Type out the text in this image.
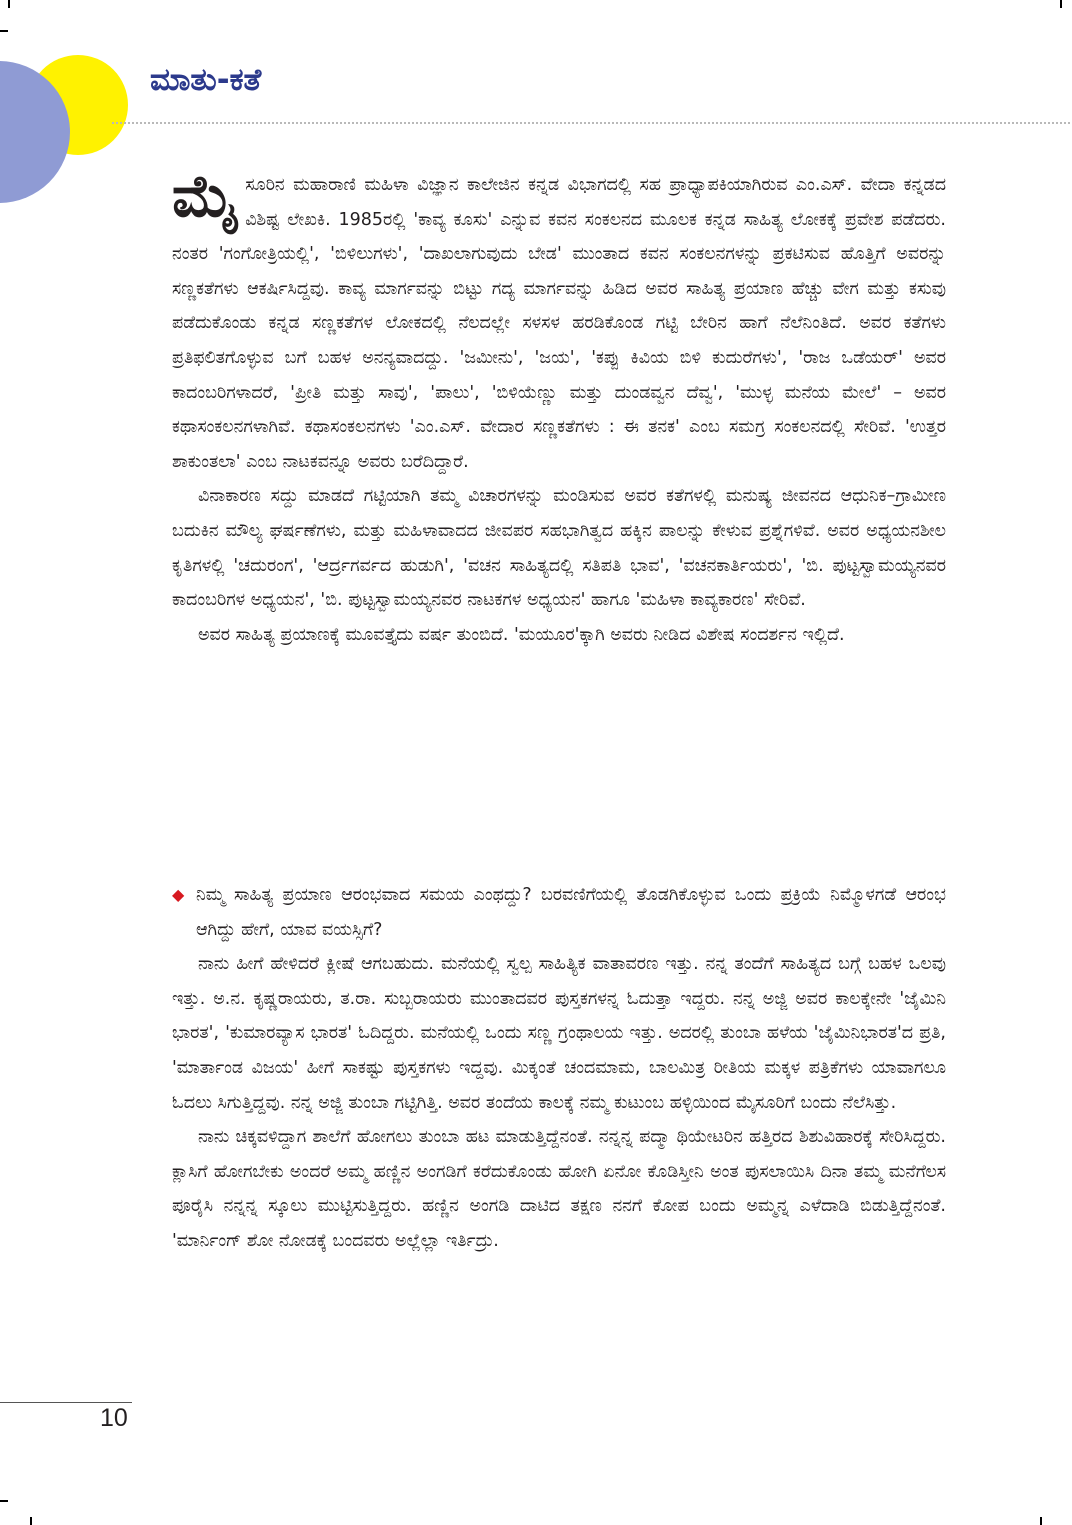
ಮಾತು-ಕತೆ

ಮೈಸೂರಿನ ಮಹಾರಾಣಿ ಮಹಿಳಾ ವಿಜ್ಞಾನ ಕಾಲೇಜಿನ ಕನ್ನಡ ವಿಭಾಗದಲ್ಲಿ ಸಹ ಪ್ರಾಧ್ಯಾಪಕಿಯಾಗಿರುವ ಎಂ.ಎಸ್. ವೇದಾ ಕನ್ನಡದ ವಿಶಿಷ್ಟ ಲೇಖಕಿ. 1985ರಲ್ಲಿ 'ಕಾವ್ಯ ಕೂಸು' ಎನ್ನುವ ಕವನ ಸಂಕಲನದ ಮೂಲಕ ಕನ್ನಡ ಸಾಹಿತ್ಯ ಲೋಕಕ್ಕೆ ಪ್ರವೇಶ ಪಡೆದರು. ನಂತರ 'ಗಂಗೋತ್ರಿಯಲ್ಲಿ', 'ಬಿಳಿಲುಗಳು', 'ದಾಖಲಾಗುವುದು ಬೇಡ' ಮುಂತಾದ ಕವನ ಸಂಕಲನಗಳನ್ನು ಪ್ರಕಟಿಸುವ ಹೊತ್ತಿಗೆ ಅವರನ್ನು ಸಣ್ಣಕತೆಗಳು ಆಕರ್ಷಿಸಿದ್ದವು. ಕಾವ್ಯ ಮಾರ್ಗವನ್ನು ಬಿಟ್ಟು ಗದ್ಯ ಮಾರ್ಗವನ್ನು ಹಿಡಿದ ಅವರ ಸಾಹಿತ್ಯ ಪ್ರಯಾಣ ಹೆಚ್ಚು ವೇಗ ಮತ್ತು ಕಸುವು ಪಡೆದುಕೊಂಡು ಕನ್ನಡ ಸಣ್ಣಕತೆಗಳ ಲೋಕದಲ್ಲಿ ನೆಲದಲ್ಲೇ ಸಳಸಳ ಹರಡಿಕೊಂಡ ಗಟ್ಟಿ ಬೇರಿನ ಹಾಗೆ ನೆಲೆನಿಂತಿದೆ. ಅವರ ಕತೆಗಳು ಪ್ರತಿಫಲಿತಗೊಳ್ಳುವ ಬಗೆ ಬಹಳ ಅನನ್ಯವಾದದ್ದು. 'ಜಮೀನು', 'ಜಯ', 'ಕಪ್ಪು ಕಿವಿಯ ಬಿಳಿ ಕುದುರೆಗಳು', 'ರಾಜ ಒಡೆಯರ್' ಅವರ ಕಾದಂಬರಿಗಳಾದರೆ, 'ಪ್ರೀತಿ ಮತ್ತು ಸಾವು', 'ಪಾಲು', 'ಬಿಳಿಯೆಣ್ಣು ಮತ್ತು ದುಂಡವ್ವನ ದೆವ್ವ', 'ಮುಳ್ಳ ಮನೆಯ ಮೇಲೆ' – ಅವರ ಕಥಾಸಂಕಲನಗಳಾಗಿವೆ. ಕಥಾಸಂಕಲನಗಳು 'ಎಂ.ಎಸ್. ವೇದಾರ ಸಣ್ಣಕತೆಗಳು : ಈ ತನಕ' ಎಂಬ ಸಮಗ್ರ ಸಂಕಲನದಲ್ಲಿ ಸೇರಿವೆ. 'ಉತ್ತರ ಶಾಕುಂತಲಾ' ಎಂಬ ನಾಟಕವನ್ನೂ ಅವರು ಬರೆದಿದ್ದಾರೆ.

ವಿನಾಕಾರಣ ಸದ್ದು ಮಾಡದೆ ಗಟ್ಟಿಯಾಗಿ ತಮ್ಮ ವಿಚಾರಗಳನ್ನು ಮಂಡಿಸುವ ಅವರ ಕತೆಗಳಲ್ಲಿ ಮನುಷ್ಯ ಜೀವನದ ಆಧುನಿಕ–ಗ್ರಾಮೀಣ ಬದುಕಿನ ಮೌಲ್ಯ ಘರ್ಷಣೆಗಳು, ಮತ್ತು ಮಹಿಳಾವಾದದ ಜೀವಪರ ಸಹಭಾಗಿತ್ವದ ಹಕ್ಕಿನ ಪಾಲನ್ನು ಕೇಳುವ ಪ್ರಶ್ನೆಗಳಿವೆ. ಅವರ ಅಧ್ಯಯನಶೀಲ ಕೃತಿಗಳಲ್ಲಿ 'ಚದುರಂಗ', 'ಆರ್ದ್ರಗರ್ವದ ಹುಡುಗಿ', 'ವಚನ ಸಾಹಿತ್ಯದಲ್ಲಿ ಸತಿಪತಿ ಭಾವ', 'ವಚನಕಾರ್ತಿಯರು', 'ಬಿ. ಪುಟ್ಟಸ್ವಾಮಯ್ಯನವರ ಕಾದಂಬರಿಗಳ ಅಧ್ಯಯನ', 'ಬಿ. ಪುಟ್ಟಸ್ವಾಮಯ್ಯನವರ ನಾಟಕಗಳ ಅಧ್ಯಯನ' ಹಾಗೂ 'ಮಹಿಳಾ ಕಾವ್ಯಕಾರಣ' ಸೇರಿವೆ.

ಅವರ ಸಾಹಿತ್ಯ ಪ್ರಯಾಣಕ್ಕೆ ಮೂವತ್ತೈದು ವರ್ಷ ತುಂಬಿದೆ. 'ಮಯೂರ'ಕ್ಕಾಗಿ ಅವರು ನೀಡಿದ ವಿಶೇಷ ಸಂದರ್ಶನ ಇಲ್ಲಿದೆ.

◆ ನಿಮ್ಮ ಸಾಹಿತ್ಯ ಪ್ರಯಾಣ ಆರಂಭವಾದ ಸಮಯ ಎಂಥದ್ದು? ಬರವಣಿಗೆಯಲ್ಲಿ ತೊಡಗಿಕೊಳ್ಳುವ ಒಂದು ಪ್ರಕ್ರಿಯೆ ನಿಮ್ಮೊಳಗಡೆ ಆರಂಭ ಆಗಿದ್ದು ಹೇಗೆ, ಯಾವ ವಯಸ್ಸಿಗೆ?

ನಾನು ಹೀಗೆ ಹೇಳಿದರೆ ಕ್ಲೀಷೆ ಆಗಬಹುದು. ಮನೆಯಲ್ಲಿ ಸ್ವಲ್ಪ ಸಾಹಿತ್ಯಿಕ ವಾತಾವರಣ ಇತ್ತು. ನನ್ನ ತಂದೆಗೆ ಸಾಹಿತ್ಯದ ಬಗ್ಗೆ ಬಹಳ ಒಲವು ಇತ್ತು. ಅ.ನ. ಕೃಷ್ಣರಾಯರು, ತ.ರಾ. ಸುಬ್ಬರಾಯರು ಮುಂತಾದವರ ಪುಸ್ತಕಗಳನ್ನ ಓದುತ್ತಾ ಇದ್ದರು. ನನ್ನ ಅಜ್ಜಿ ಅವರ ಕಾಲಕ್ಕೇನೇ 'ಜೈಮಿನಿ ಭಾರತ', 'ಕುಮಾರವ್ಯಾಸ ಭಾರತ' ಓದಿದ್ದರು. ಮನೆಯಲ್ಲಿ ಒಂದು ಸಣ್ಣ ಗ್ರಂಥಾಲಯ ಇತ್ತು. ಅದರಲ್ಲಿ ತುಂಬಾ ಹಳೆಯ 'ಜೈಮಿನಿಭಾರತ'ದ ಪ್ರತಿ, 'ಮಾರ್ತಾಂಡ ವಿಜಯ' ಹೀಗೆ ಸಾಕಷ್ಟು ಪುಸ್ತಕಗಳು ಇದ್ದವು. ಮಿಕ್ಕಂತೆ ಚಂದಮಾಮ, ಬಾಲಮಿತ್ರ ರೀತಿಯ ಮಕ್ಕಳ ಪತ್ರಿಕೆಗಳು ಯಾವಾಗಲೂ ಓದಲು ಸಿಗುತ್ತಿದ್ದವು. ನನ್ನ ಅಜ್ಜಿ ತುಂಬಾ ಗಟ್ಟಿಗಿತ್ತಿ. ಅವರ ತಂದೆಯ ಕಾಲಕ್ಕೆ ನಮ್ಮ ಕುಟುಂಬ ಹಳ್ಳಿಯಿಂದ ಮೈಸೂರಿಗೆ ಬಂದು ನೆಲೆಸಿತ್ತು.

ನಾನು ಚಿಕ್ಕವಳಿದ್ದಾಗ ಶಾಲೆಗೆ ಹೋಗಲು ತುಂಬಾ ಹಟ ಮಾಡುತ್ತಿದ್ದೆನಂತೆ. ನನ್ನನ್ನ ಪದ್ಮಾ ಥಿಯೇಟರಿನ ಹತ್ತಿರದ ಶಿಶುವಿಹಾರಕ್ಕೆ ಸೇರಿಸಿದ್ದರು. ಕ್ಲಾಸಿಗೆ ಹೋಗಬೇಕು ಅಂದರೆ ಅಮ್ಮ ಹಣ್ಣಿನ ಅಂಗಡಿಗೆ ಕರೆದುಕೊಂಡು ಹೋಗಿ ಏನೋ ಕೊಡಿಸ್ತೀನಿ ಅಂತ ಪುಸಲಾಯಿಸಿ ದಿನಾ ತಮ್ಮ ಮನೆಗೆಲಸ ಪೂರೈಸಿ ನನ್ನನ್ನ ಸ್ಕೂಲು ಮುಟ್ಟಿಸುತ್ತಿದ್ದರು. ಹಣ್ಣಿನ ಅಂಗಡಿ ದಾಟಿದ ತಕ್ಷಣ ನನಗೆ ಕೋಪ ಬಂದು ಅಮ್ಮನ್ನ ಎಳೆದಾಡಿ ಬಿಡುತ್ತಿದ್ದೆನಂತೆ. 'ಮಾರ್ನಿಂಗ್ ಶೋ ನೋಡಕ್ಕೆ ಬಂದವರು ಅಲ್ಲೆಲ್ಲಾ ಇರ್ತಿದ್ರು.

10
